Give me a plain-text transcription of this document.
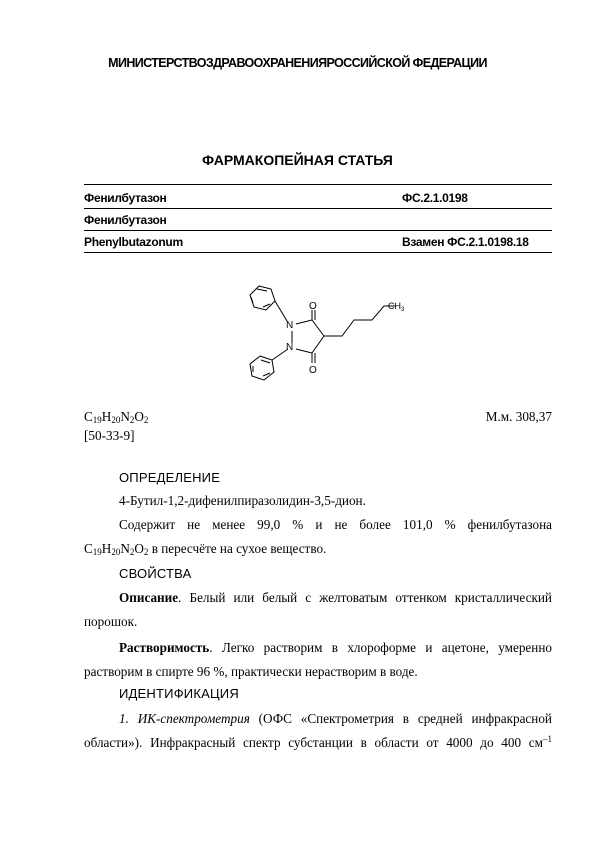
МИНИСТЕРСТВОЗДРАВООХРАНЕНИЯРОССИЙСКОЙ ФЕДЕРАЦИИ
ФАРМАКОПЕЙНАЯ СТАТЬЯ
Фенилбутазон	ФС.2.1.0198
Фенилбутазон
Phenylbutazonum	Взамен ФС.2.1.0198.18
N
N
O
O
$CH_3$
$C_{19}H_{20}N_2O_2$	М.м. 308,37
[50-33-9]
ОПРЕДЕЛЕНИЕ
4-Бутил-1,2-дифенилпиразолидин-3,5-дион.
Содержит не менее 99,0 % и не более 101,0 % фенилбутазона
$C_{19}H_{20}N_2O_2$ в пересчёте на сухое вещество.
СВОЙСТВА
Описание. Белый или белый с желтоватым оттенком кристаллический
порошок.
Растворимость. Легко растворим в хлороформе и ацетоне, умеренно
растворим в спирте 96 %, практически нерастворим в воде.
ИДЕНТИФИКАЦИЯ
1. ИК-спектрометрия (ОФС «Спектрометрия в средней инфракрасной
области»). Инфракрасный спектр субстанции в области от 4000 до 400 $см^{-1}$
